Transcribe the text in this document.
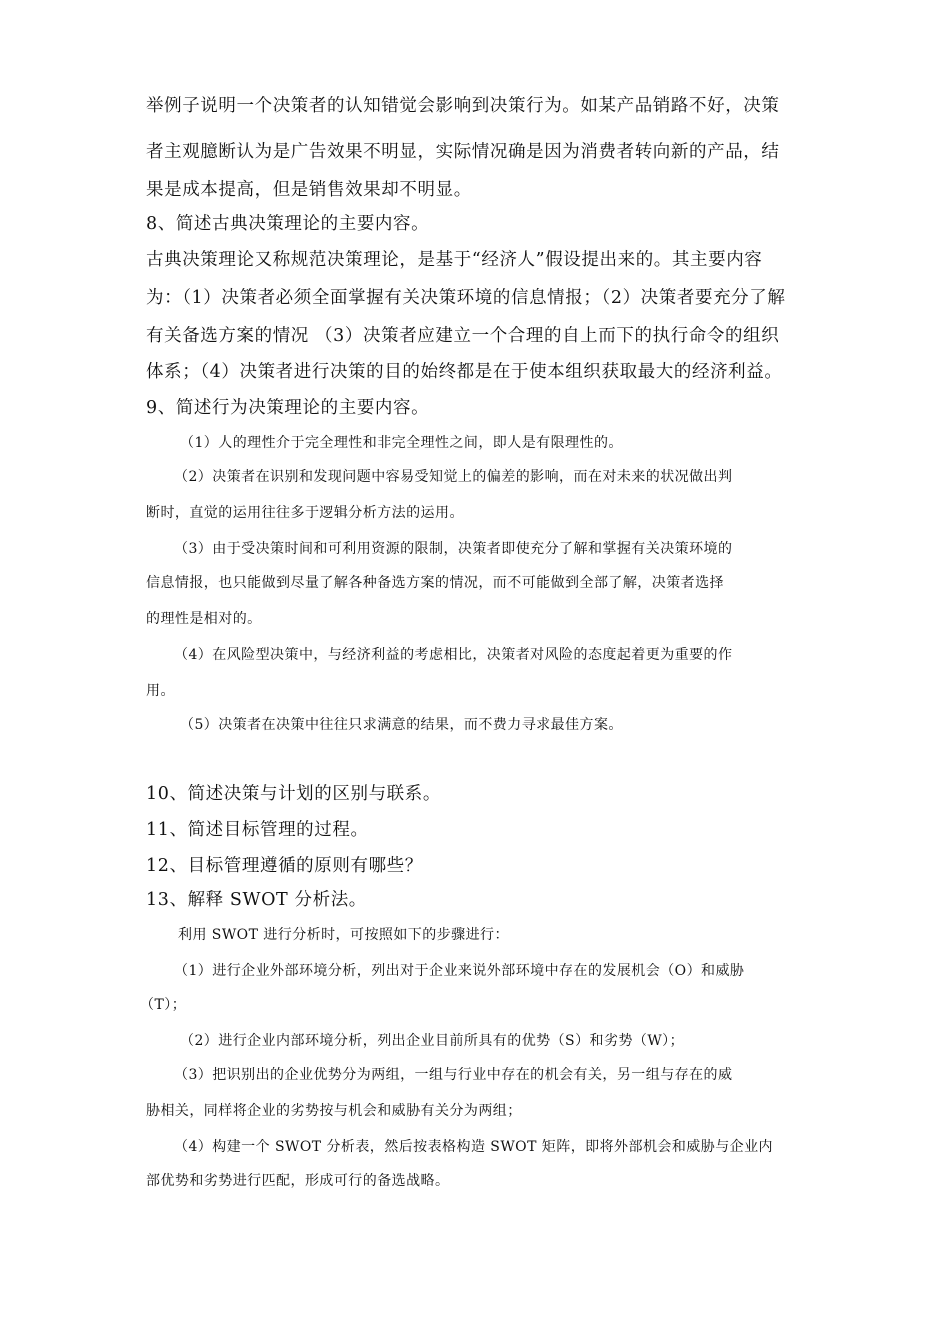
举例子说明一个决策者的认知错觉会影响到决策行为。如某产品销路不好，决策
者主观臆断认为是广告效果不明显，实际情况确是因为消费者转向新的产品，结
果是成本提高，但是销售效果却不明显。
8、简述古典决策理论的主要内容。
古典决策理论又称规范决策理论，是基于“经济人”假设提出来的。其主要内容
为：（1）决策者必须全面掌握有关决策环境的信息情报；（2）决策者要充分了解
有关备选方案的情况 （3）决策者应建立一个合理的自上而下的执行命令的组织
体系；（4）决策者进行决策的目的始终都是在于使本组织获取最大的经济利益。
9、简述行为决策理论的主要内容。
（1）人的理性介于完全理性和非完全理性之间，即人是有限理性的。
（2）决策者在识别和发现问题中容易受知觉上的偏差的影响，而在对未来的状况做出判
断时，直觉的运用往往多于逻辑分析方法的运用。
（3）由于受决策时间和可利用资源的限制，决策者即使充分了解和掌握有关决策环境的
信息情报，也只能做到尽量了解各种备选方案的情况，而不可能做到全部了解，决策者选择
的理性是相对的。
（4）在风险型决策中，与经济利益的考虑相比，决策者对风险的态度起着更为重要的作
用。
（5）决策者在决策中往往只求满意的结果，而不费力寻求最佳方案。
10、简述决策与计划的区别与联系。
11、简述目标管理的过程。
12、目标管理遵循的原则有哪些？
13、解释 SWOT 分析法。
利用 SWOT 进行分析时，可按照如下的步骤进行：
（1）进行企业外部环境分析，列出对于企业来说外部环境中存在的发展机会（O）和威胁
（T）；
（2）进行企业内部环境分析，列出企业目前所具有的优势（S）和劣势（W）；
（3）把识别出的企业优势分为两组，一组与行业中存在的机会有关，另一组与存在的威
胁相关，同样将企业的劣势按与机会和威胁有关分为两组；
（4）构建一个 SWOT 分析表，然后按表格构造 SWOT 矩阵，即将外部机会和威胁与企业内
部优势和劣势进行匹配，形成可行的备选战略。
